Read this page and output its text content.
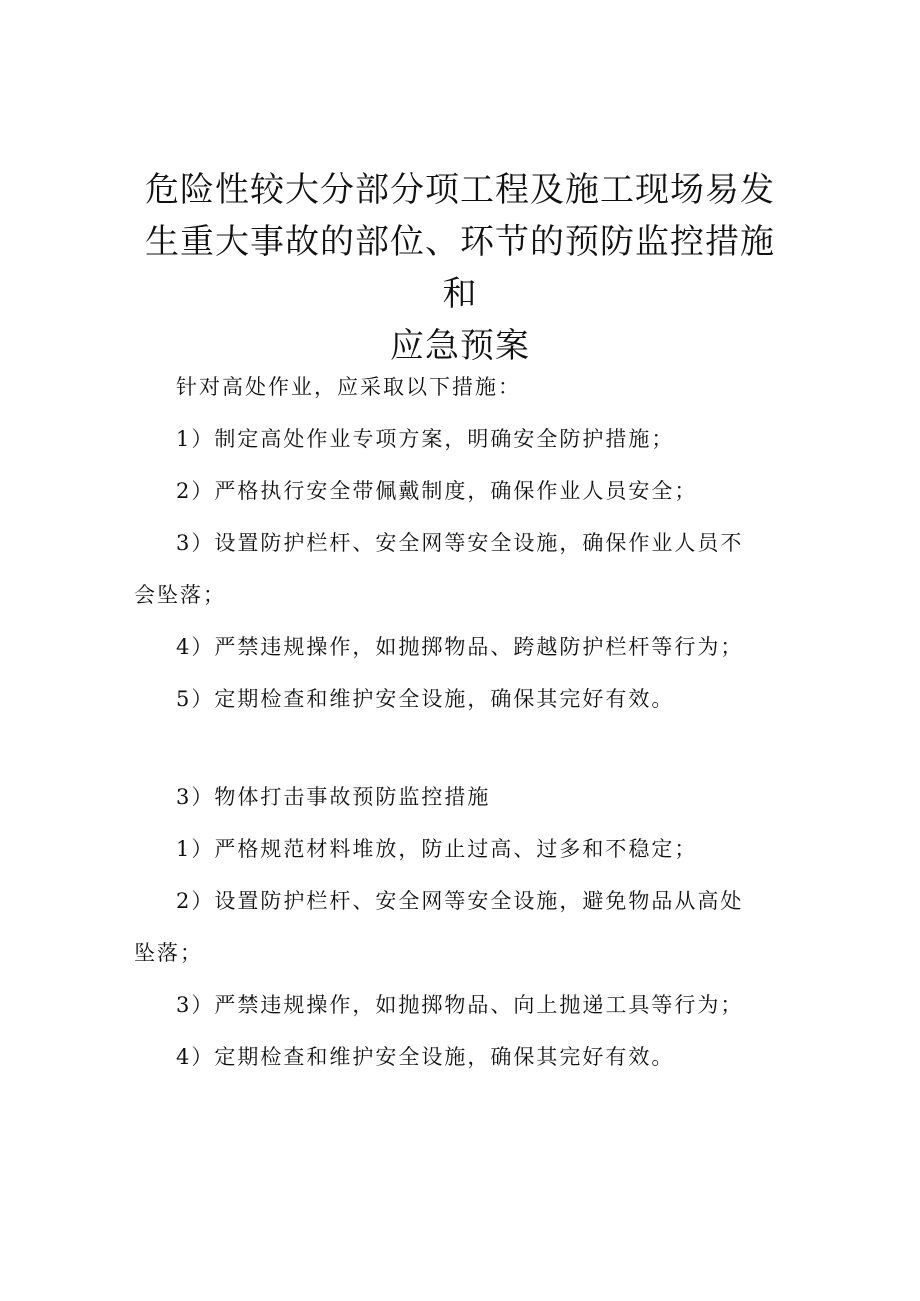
危险性较大分部分项工程及施工现场易发
生重大事故的部位、环节的预防监控措施和
应急预案

针对高处作业，应采取以下措施：

1）制定高处作业专项方案，明确安全防护措施；

2）严格执行安全带佩戴制度，确保作业人员安全；

3）设置防护栏杆、安全网等安全设施，确保作业人员不

会坠落；

4）严禁违规操作，如抛掷物品、跨越防护栏杆等行为；

5）定期检查和维护安全设施，确保其完好有效。

3）物体打击事故预防监控措施

1）严格规范材料堆放，防止过高、过多和不稳定；

2）设置防护栏杆、安全网等安全设施，避免物品从高处

坠落；

3）严禁违规操作，如抛掷物品、向上抛递工具等行为；

4）定期检查和维护安全设施，确保其完好有效。
